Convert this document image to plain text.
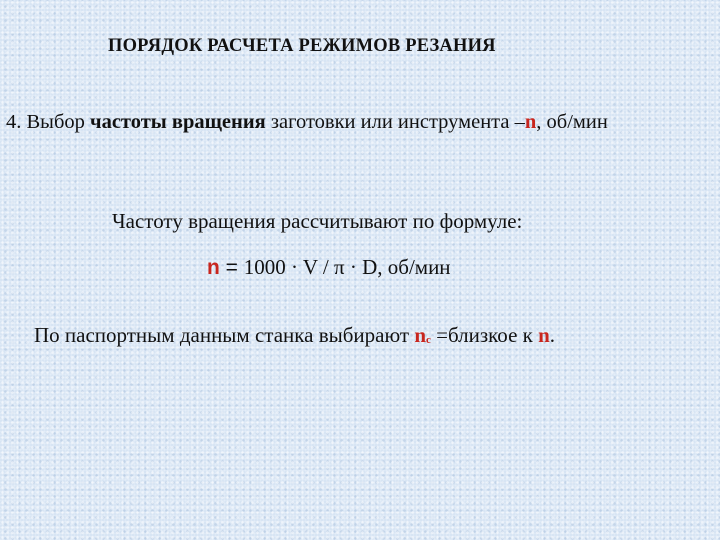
ПОРЯДОК РАСЧЕТА РЕЖИМОВ РЕЗАНИЯ
4. Выбор частоты вращения заготовки или инструмента –n, об/мин
Частоту вращения рассчитывают по формуле:
n = 1000 · V / π · D, об/мин
По паспортным данным станка выбирают nc =близкое к n.
